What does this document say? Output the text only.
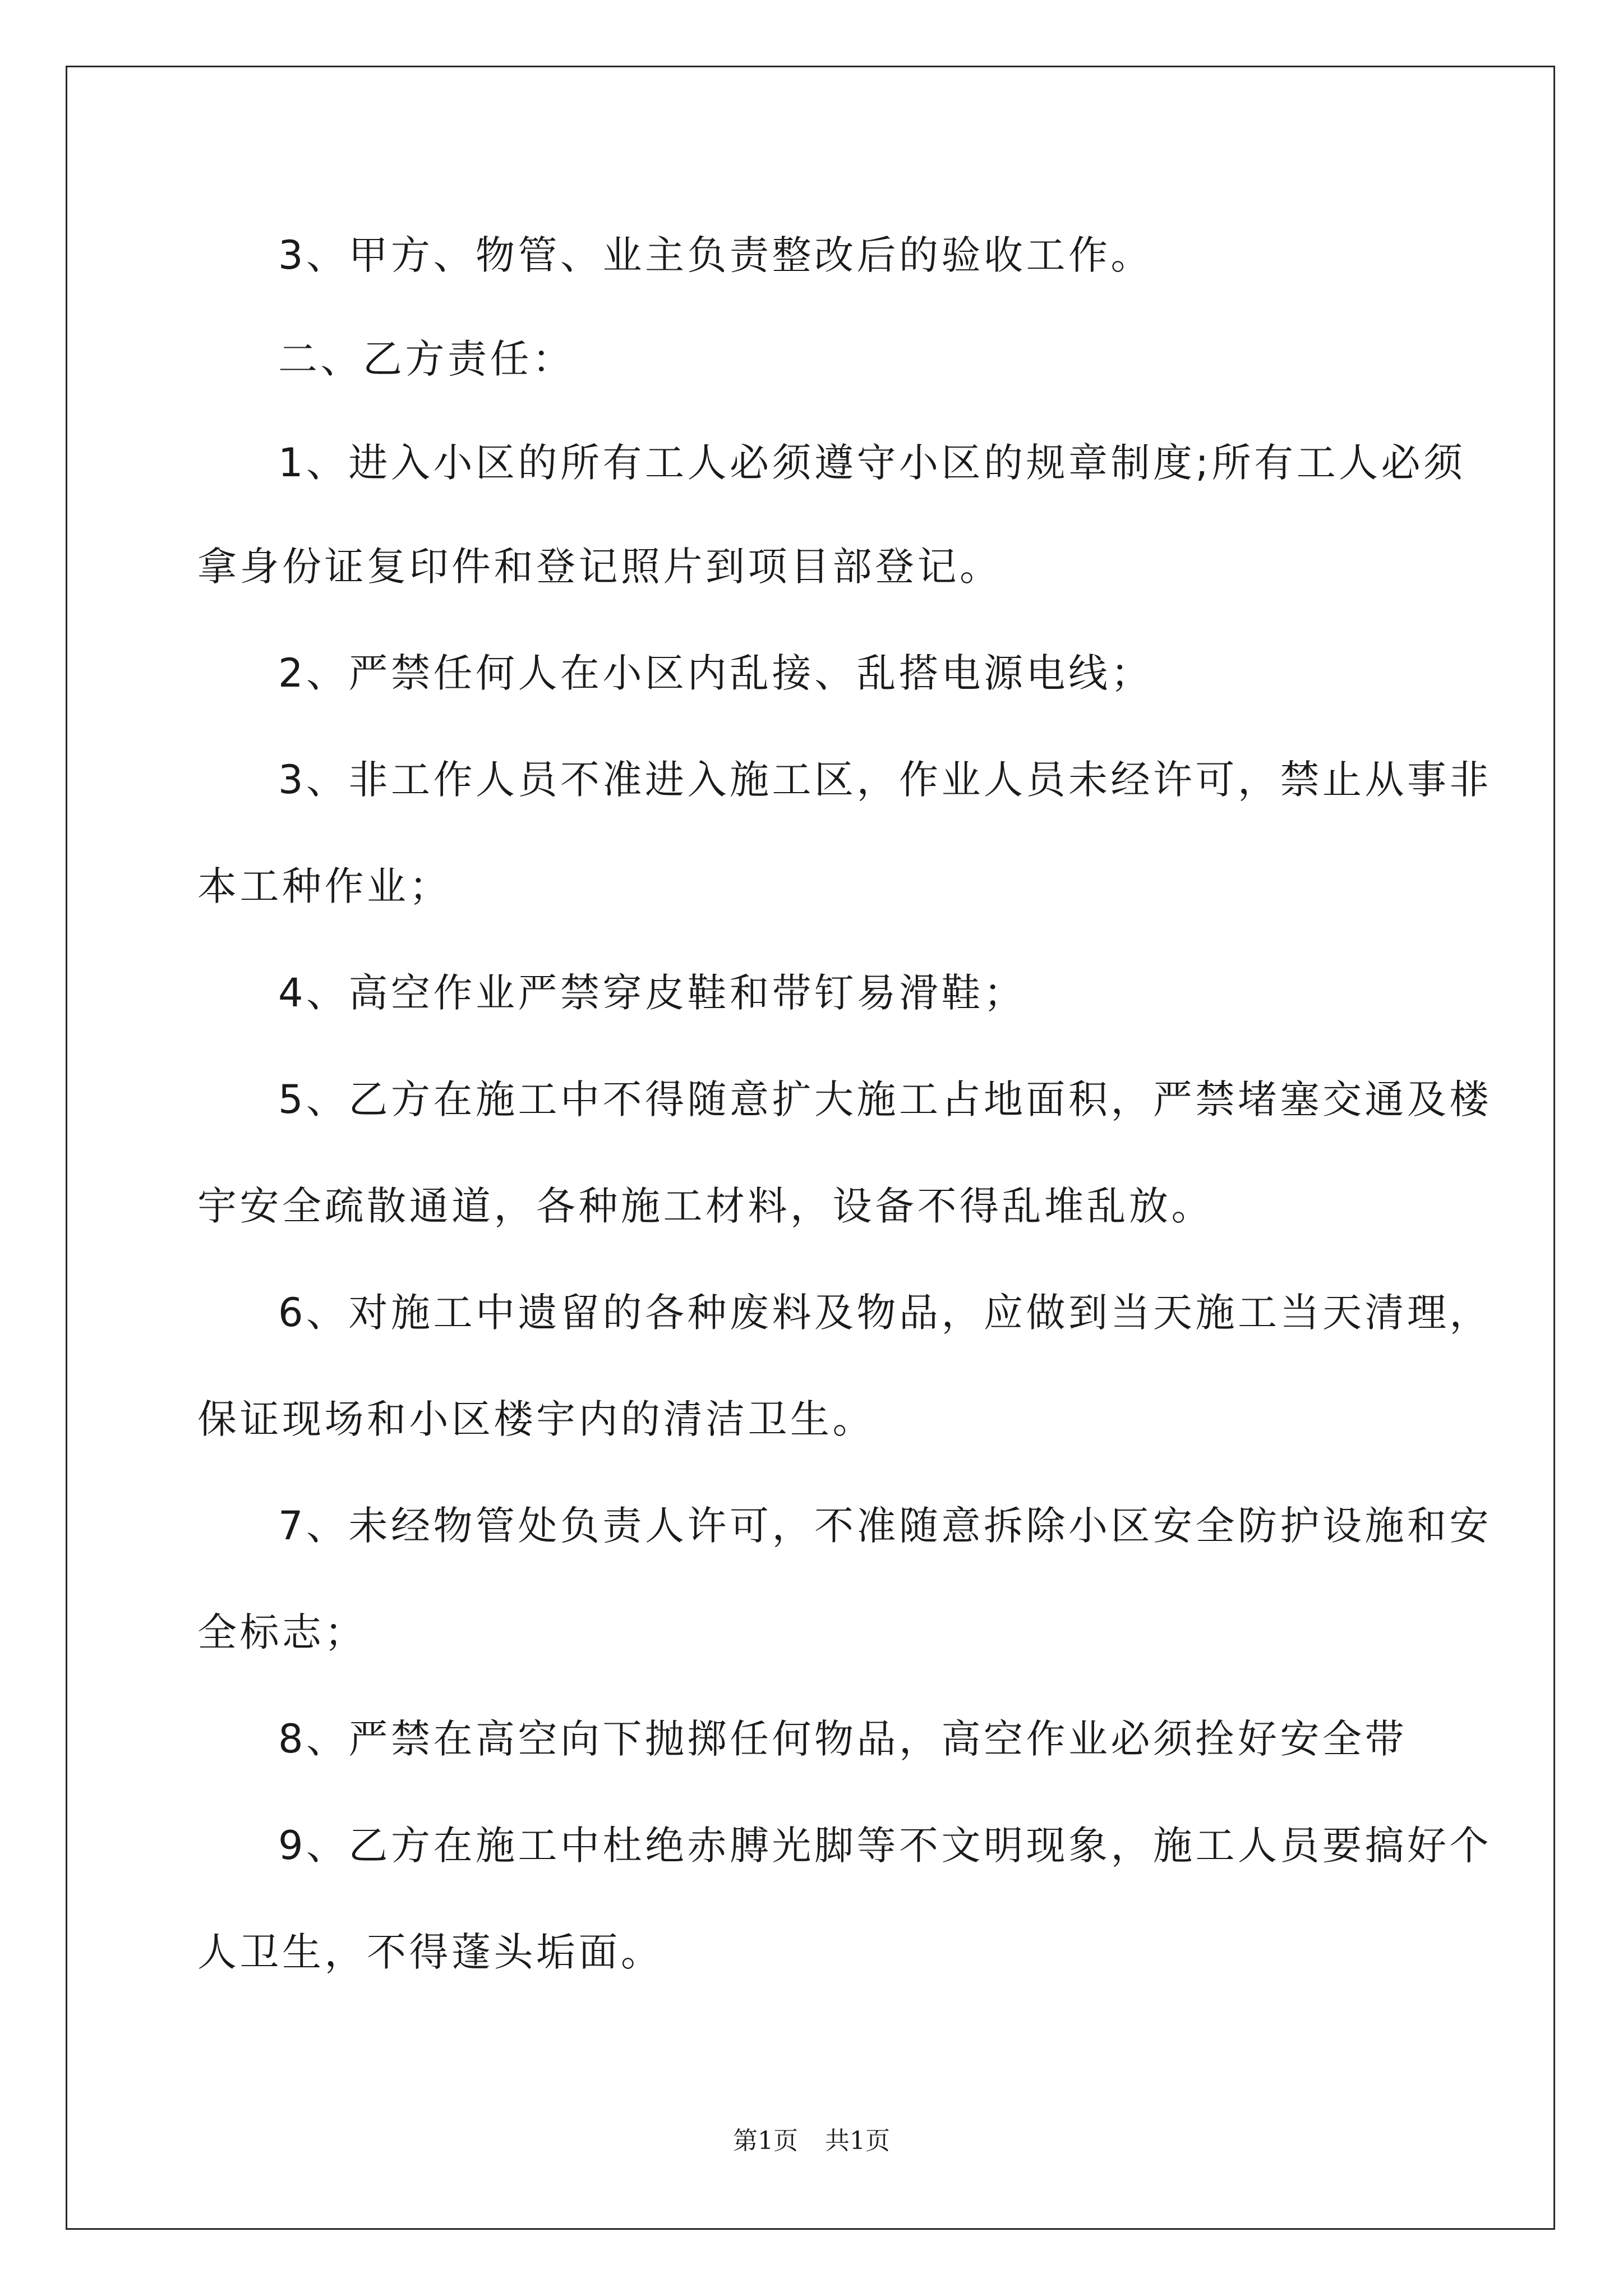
3、甲方、物管、业主负责整改后的验收工作。

二、乙方责任：

1、进入小区的所有工人必须遵守小区的规章制度;所有工人必须

拿身份证复印件和登记照片到项目部登记。

2、严禁任何人在小区内乱接、乱搭电源电线；

3、非工作人员不准进入施工区，作业人员未经许可，禁止从事非

本工种作业；

4、高空作业严禁穿皮鞋和带钉易滑鞋；

5、乙方在施工中不得随意扩大施工占地面积，严禁堵塞交通及楼

宇安全疏散通道，各种施工材料，设备不得乱堆乱放。

6、对施工中遗留的各种废料及物品，应做到当天施工当天清理，

保证现场和小区楼宇内的清洁卫生。

7、未经物管处负责人许可，不准随意拆除小区安全防护设施和安

全标志；

8、严禁在高空向下抛掷任何物品，高空作业必须拴好安全带

9、乙方在施工中杜绝赤膊光脚等不文明现象，施工人员要搞好个

人卫生，不得蓬头垢面。

第1页 共1页
